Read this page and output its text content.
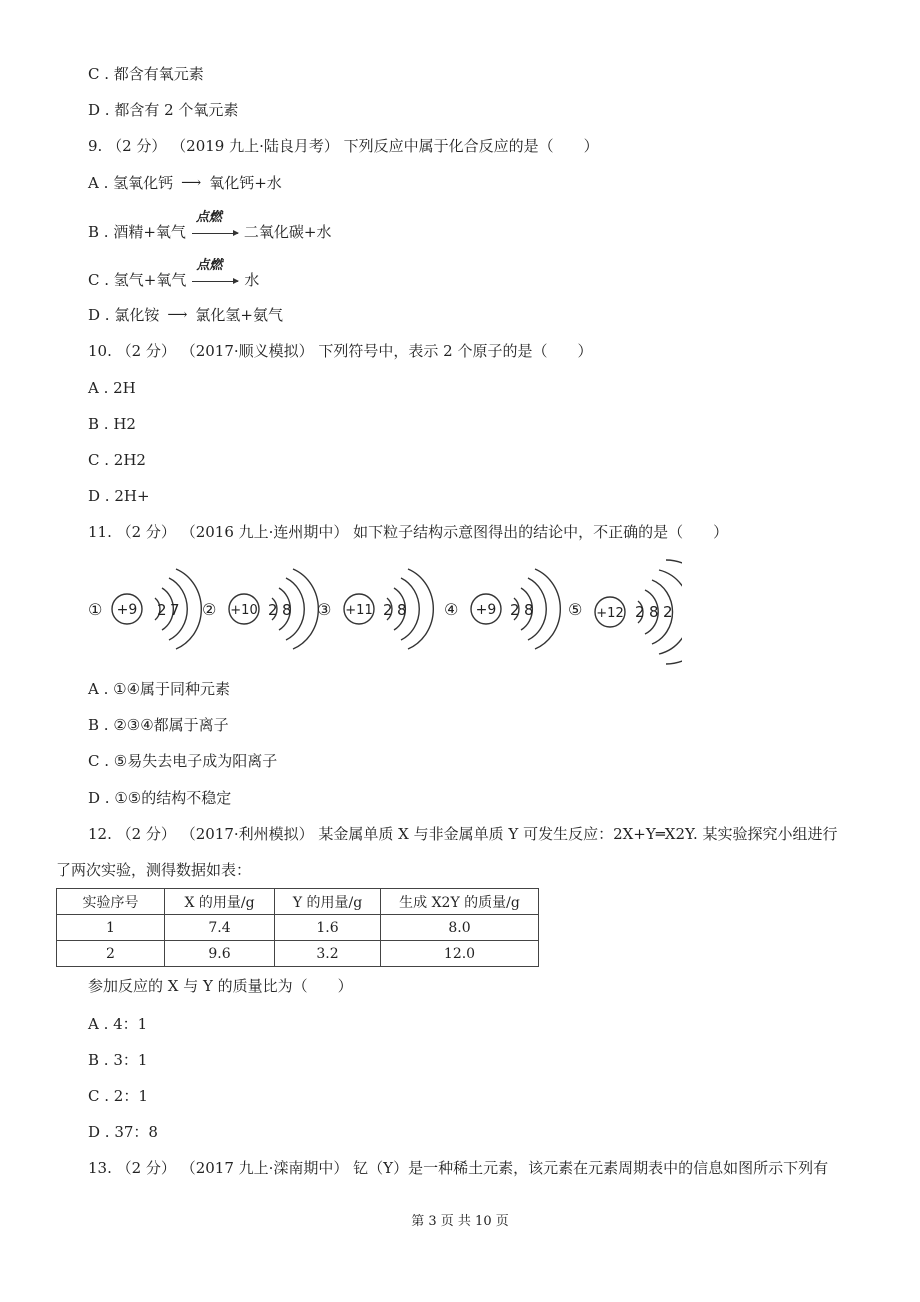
C . 都含有氧元素
D . 都含有 2 个氧元素
9. （2 分） （2019 九上·陆良月考） 下列反应中属于化合反应的是（　　）
A . 氢氧化钙 ⟶ 氧化钙+水
B . 酒精+氧气
点燃
二氧化碳+水
C . 氢气+氧气
点燃
水
D . 氯化铵 ⟶ 氯化氢+氨气
10. （2 分） （2017·顺义模拟） 下列符号中，表示 2 个原子的是（　　）
A . 2H
B . H2
C . 2H2
D . 2H+
11. （2 分） （2016 九上·连州期中） 如下粒子结构示意图得出的结论中，不正确的是（　　）
① +9 2 7 ② +10 2 8 ③ +11 2 8 ④ +9 2 8 ⑤ +12 2 8 2
A . ①④属于同种元素
B . ②③④都属于离子
C . ⑤易失去电子成为阳离子
D . ①⑤的结构不稳定
12. （2 分） （2017·利州模拟） 某金属单质 X 与非金属单质 Y 可发生反应：2X+Y═X2Y. 某实验探究小组进行
了两次实验，测得数据如表：
实验序号	X 的用量/g	Y 的用量/g	生成 X2Y 的质量/g
1	7.4	1.6	8.0
2	9.6	3.2	12.0
参加反应的 X 与 Y 的质量比为（　　）
A . 4：1
B . 3：1
C . 2：1
D . 37：8
13. （2 分） （2017 九上·滦南期中） 钇（Y）是一种稀土元素，该元素在元素周期表中的信息如图所示下列有
第 3 页 共 10 页
